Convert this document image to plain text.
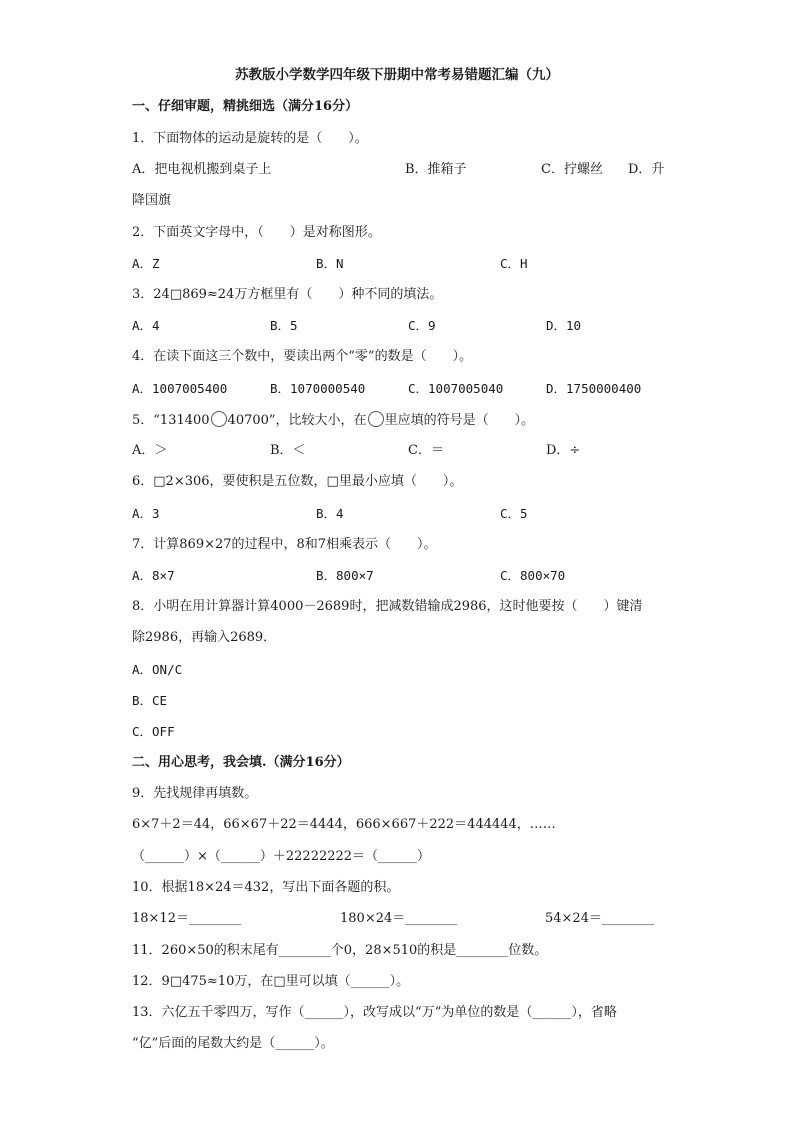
苏教版小学数学四年级下册期中常考易错题汇编（九）
一、仔细审题，精挑细选（满分16分）
1．下面物体的运动是旋转的是（　　）。
A．把电视机搬到桌子上	B．推箱子	C．拧螺丝 D．升
降国旗
2．下面英文字母中，（　　）是对称图形。
A．Z	B．N	C．H
3．24□869≈24万方框里有（　　）种不同的填法。
A．4	B．5	C．9	D．10
4．在读下面这三个数中，要读出两个“零”的数是（　　）。
A．1007005400	B．1070000540	C．1007005040	D．1750000400
5．“131400 40700”，比较大小，在 里应填的符号是（　　）。
A．＞	B．＜	C．＝	D．÷
6．□2×306，要使积是五位数，□里最小应填（　　）。
A．3	B．4	C．5
7．计算869×27的过程中，8和7相乘表示（　　）。
A．8×7	B．800×7	C．800×70
8．小明在用计算器计算4000－2689时，把减数错输成2986，这时他要按（　　）键清
除2986，再输入2689．
A．ON/C
B．CE
C．OFF
二、用心思考，我会填.（满分16分）
9．先找规律再填数。
6×7＋2＝44，66×67＋22＝4444，666×667＋222＝444444，……
（______）×（______）＋22222222＝（______）
10．根据18×24＝432，写出下面各题的积。
18×12＝________	180×24＝________	54×24＝________
11．260×50的积末尾有________个0，28×510的积是________位数。
12．9□475≈10万，在□里可以填（______）。
13．六亿五千零四万，写作（______），改写成以“万”为单位的数是（______），省略
“亿”后面的尾数大约是（______）。
